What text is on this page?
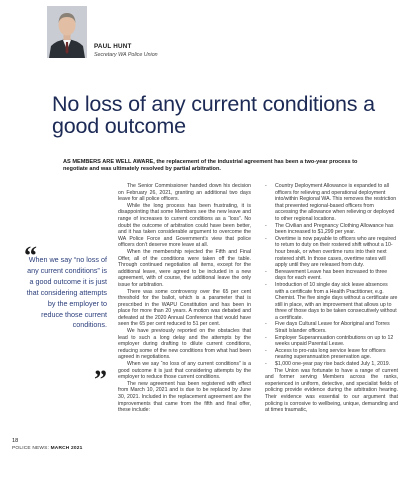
PAUL HUNT
Secretary WA Police Union
No loss of any current conditions a good outcome

AS MEMBERS ARE WELL AWARE, the replacement of the industrial agreement has been a two-year process to negotiate and was ultimately resolved by partial arbitration.

“
When we say “no loss of any current conditions” is a good outcome it is just that considering attempts by the employer to reduce those current conditions.
”

The Senior Commissioner handed down his decision on February 26, 2021, granting an additional two days leave for all police officers.

While the long process has been frustrating, it is disappointing that some Members see the new leave and range of increases to current conditions as a “loss”. No doubt the outcome of arbitration could have been better, and it has taken considerable argument to overcome the WA Police Force and Government’s view that police officers don’t deserve more leave at all.

When the membership rejected the Fifth and Final Offer, all of the conditions were taken off the table. Through continued negotiation all items, except for the additional leave, were agreed to be included in a new agreement, with of course, the additional leave the only issue for arbitration.

There was some controversy over the 65 per cent threshold for the ballot, which is a parameter that is prescribed in the WAPU Constitution and has been in place for more than 20 years. A motion was debated and defeated at the 2020 Annual Conference that would have seen the 65 per cent reduced to 51 per cent.

We have previously reported on the obstacles that lead to such a long delay and the attempts by the employer during drafting to dilute current conditions, reducing some of the new conditions from what had been agreed in negotiations.

When we say “no loss of any current conditions” is a good outcome it is just that considering attempts by the employer to reduce those current conditions.

The new agreement has been registered with effect from March 10, 2021 and is due to be replaced by June 30, 2021. Included in the replacement agreement are the improvements that came from the fifth and final offer, these include:

- Country Deployment Allowance is expanded to all officers for relieving and operational deployment into/within Regional WA. This removes the restriction that prevented regional-based officers from accessing the allowance when relieving or deployed to other regional locations.
- The Civilian and Pregnancy Clothing Allowance has been increased to $1,299 per year.
- Overtime is now payable to officers who are required to return to duty on their rostered shift without a 10-hour break, or when overtime runs into their next rostered shift. In those cases, overtime rates will apply until they are released from duty.
- Bereavement Leave has been increased to three days for each event.
- Introduction of 10 single day sick leave absences with a certificate from a Health Practitioner, e.g. Chemist. The five single days without a certificate are still in place, with an improvement that allows up to three of those days to be taken consecutively without a certificate.
- Five days Cultural Leave for Aboriginal and Torres Strait Islander officers.
- Employer Superannuation contributions on up to 12 weeks unpaid Parental Leave.
- Access to pro-rata long service leave for officers nearing superannuation preservation age.
- $1,000 one-year pay rise back dated July 1, 2019.

The Union was fortunate to have a range of current and former serving Members across the ranks, experienced in uniform, detective, and specialist fields of policing provide evidence during the arbitration hearing. Their evidence was essential to our argument that policing is corrosive to wellbeing, unique, demanding and at times traumatic,

18
POLICE NEWS: MARCH 2021
